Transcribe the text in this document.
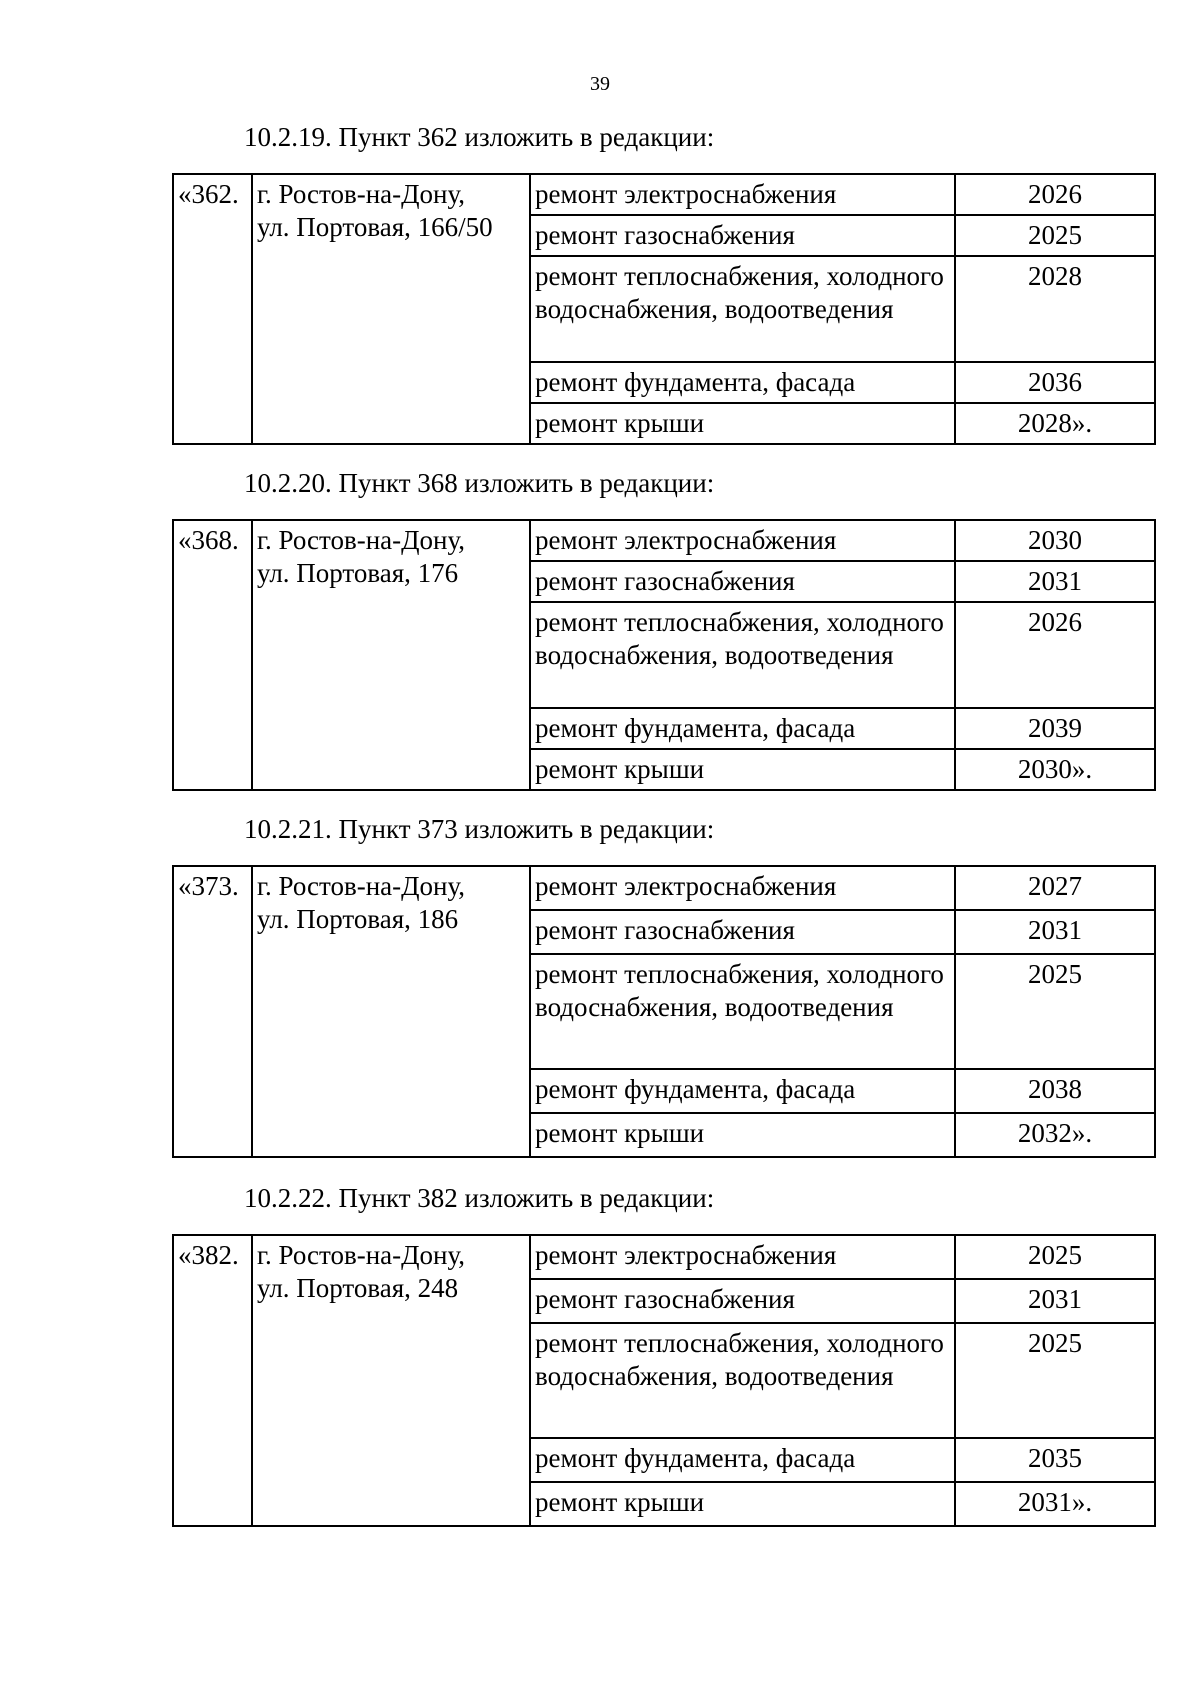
39
10.2.19. Пункт 362 изложить в редакции:
«362.	г. Ростов-на-Дону,
ул. Портовая, 166/50	ремонт электроснабжения	2026
		ремонт газоснабжения	2025
		ремонт теплоснабжения, холодного водоснабжения, водоотведения	2028
		ремонт фундамента, фасада	2036
		ремонт крыши	2028».
10.2.20. Пункт 368 изложить в редакции:
«368.	г. Ростов-на-Дону,
ул. Портовая, 176	ремонт электроснабжения	2030
		ремонт газоснабжения	2031
		ремонт теплоснабжения, холодного водоснабжения, водоотведения	2026
		ремонт фундамента, фасада	2039
		ремонт крыши	2030».
10.2.21. Пункт 373 изложить в редакции:
«373.	г. Ростов-на-Дону,
ул. Портовая, 186	ремонт электроснабжения	2027
		ремонт газоснабжения	2031
		ремонт теплоснабжения, холодного водоснабжения, водоотведения	2025
		ремонт фундамента, фасада	2038
		ремонт крыши	2032».
10.2.22. Пункт 382 изложить в редакции:
«382.	г. Ростов-на-Дону,
ул. Портовая, 248	ремонт электроснабжения	2025
		ремонт газоснабжения	2031
		ремонт теплоснабжения, холодного водоснабжения, водоотведения	2025
		ремонт фундамента, фасада	2035
		ремонт крыши	2031».
